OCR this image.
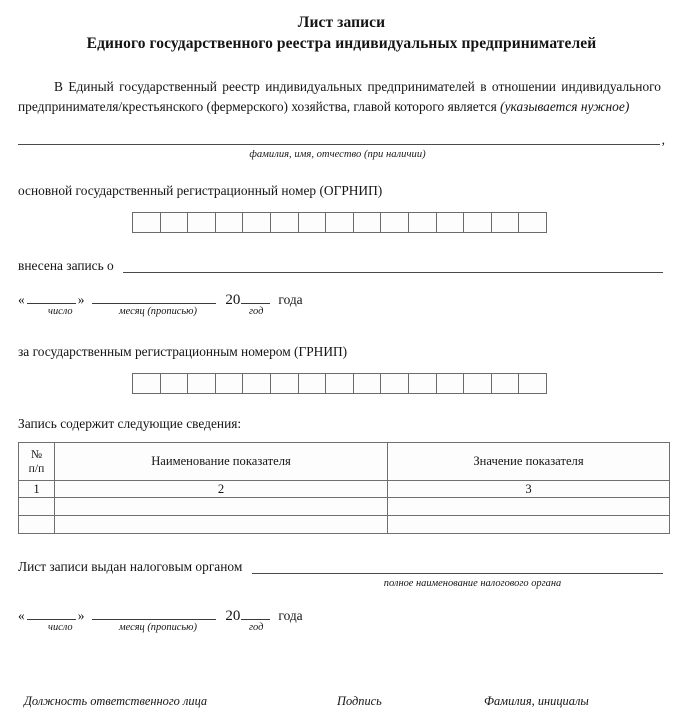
Лист записи
Единого государственного реестра индивидуальных предпринимателей
В Единый государственный реестр индивидуальных предпринимателей в отношении индивидуального предпринимателя/крестьянского (фермерского) хозяйства, главой которого является (указывается нужное)
,
фамилия, имя, отчество (при наличии)
основной государственный регистрационный номер (ОГРНИП)
внесена запись о
«	»	20	года
число	месяц (прописью)	год
за государственным регистрационным номером (ГРНИП)
Запись содержит следующие сведения:
№
п/п	Наименование показателя	Значение показателя
1	2	3

Лист записи выдан налоговым органом
полное наименование налогового органа
«	»	20	года
число	месяц (прописью)	год
Должность ответственного лица	Подпись	Фамилия, инициалы
